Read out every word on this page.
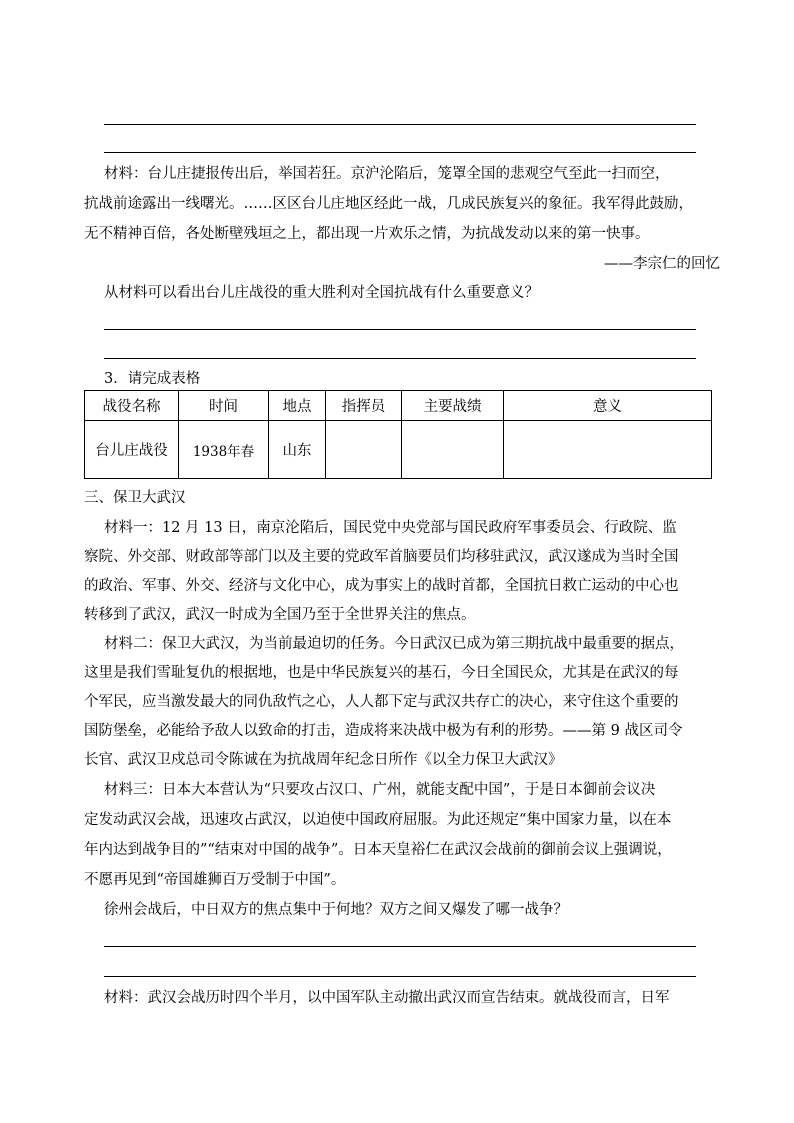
材料：台儿庄捷报传出后，举国若狂。京沪沦陷后，笼罩全国的悲观空气至此一扫而空，
抗战前途露出一线曙光。……区区台儿庄地区经此一战，几成民族复兴的象征。我军得此鼓励，
无不精神百倍，各处断壁残垣之上，都出现一片欢乐之情，为抗战发动以来的第一快事。
——李宗仁的回忆
从材料可以看出台儿庄战役的重大胜利对全国抗战有什么重要意义？
3．请完成表格
战役名称	时间	地点	指挥员	主要战绩	意义
台儿庄战役	1938年春	山东			
三、保卫大武汉
材料一：12 月 13 日，南京沦陷后，国民党中央党部与国民政府军事委员会、行政院、监
察院、外交部、财政部等部门以及主要的党政军首脑要员们均移驻武汉，武汉遂成为当时全国
的政治、军事、外交、经济与文化中心，成为事实上的战时首都，全国抗日救亡运动的中心也
转移到了武汉，武汉一时成为全国乃至于全世界关注的焦点。
材料二：保卫大武汉，为当前最迫切的任务。今日武汉已成为第三期抗战中最重要的据点，
这里是我们雪耻复仇的根据地，也是中华民族复兴的基石，今日全国民众，尤其是在武汉的每
个军民，应当激发最大的同仇敌忾之心，人人都下定与武汉共存亡的决心，来守住这个重要的
国防堡垒，必能给予敌人以致命的打击，造成将来决战中极为有利的形势。——第 9 战区司令
长官、武汉卫戍总司令陈诚在为抗战周年纪念日所作《以全力保卫大武汉》
材料三：日本大本营认为“只要攻占汉口、广州，就能支配中国”，于是日本御前会议决
定发动武汉会战，迅速攻占武汉，以迫使中国政府屈服。为此还规定“集中国家力量，以在本
年内达到战争目的”“结束对中国的战争”。日本天皇裕仁在武汉会战前的御前会议上强调说，
不愿再见到“帝国雄狮百万受制于中国”。
徐州会战后，中日双方的焦点集中于何地？双方之间又爆发了哪一战争？
材料：武汉会战历时四个半月，以中国军队主动撤出武汉而宣告结束。就战役而言，日军
